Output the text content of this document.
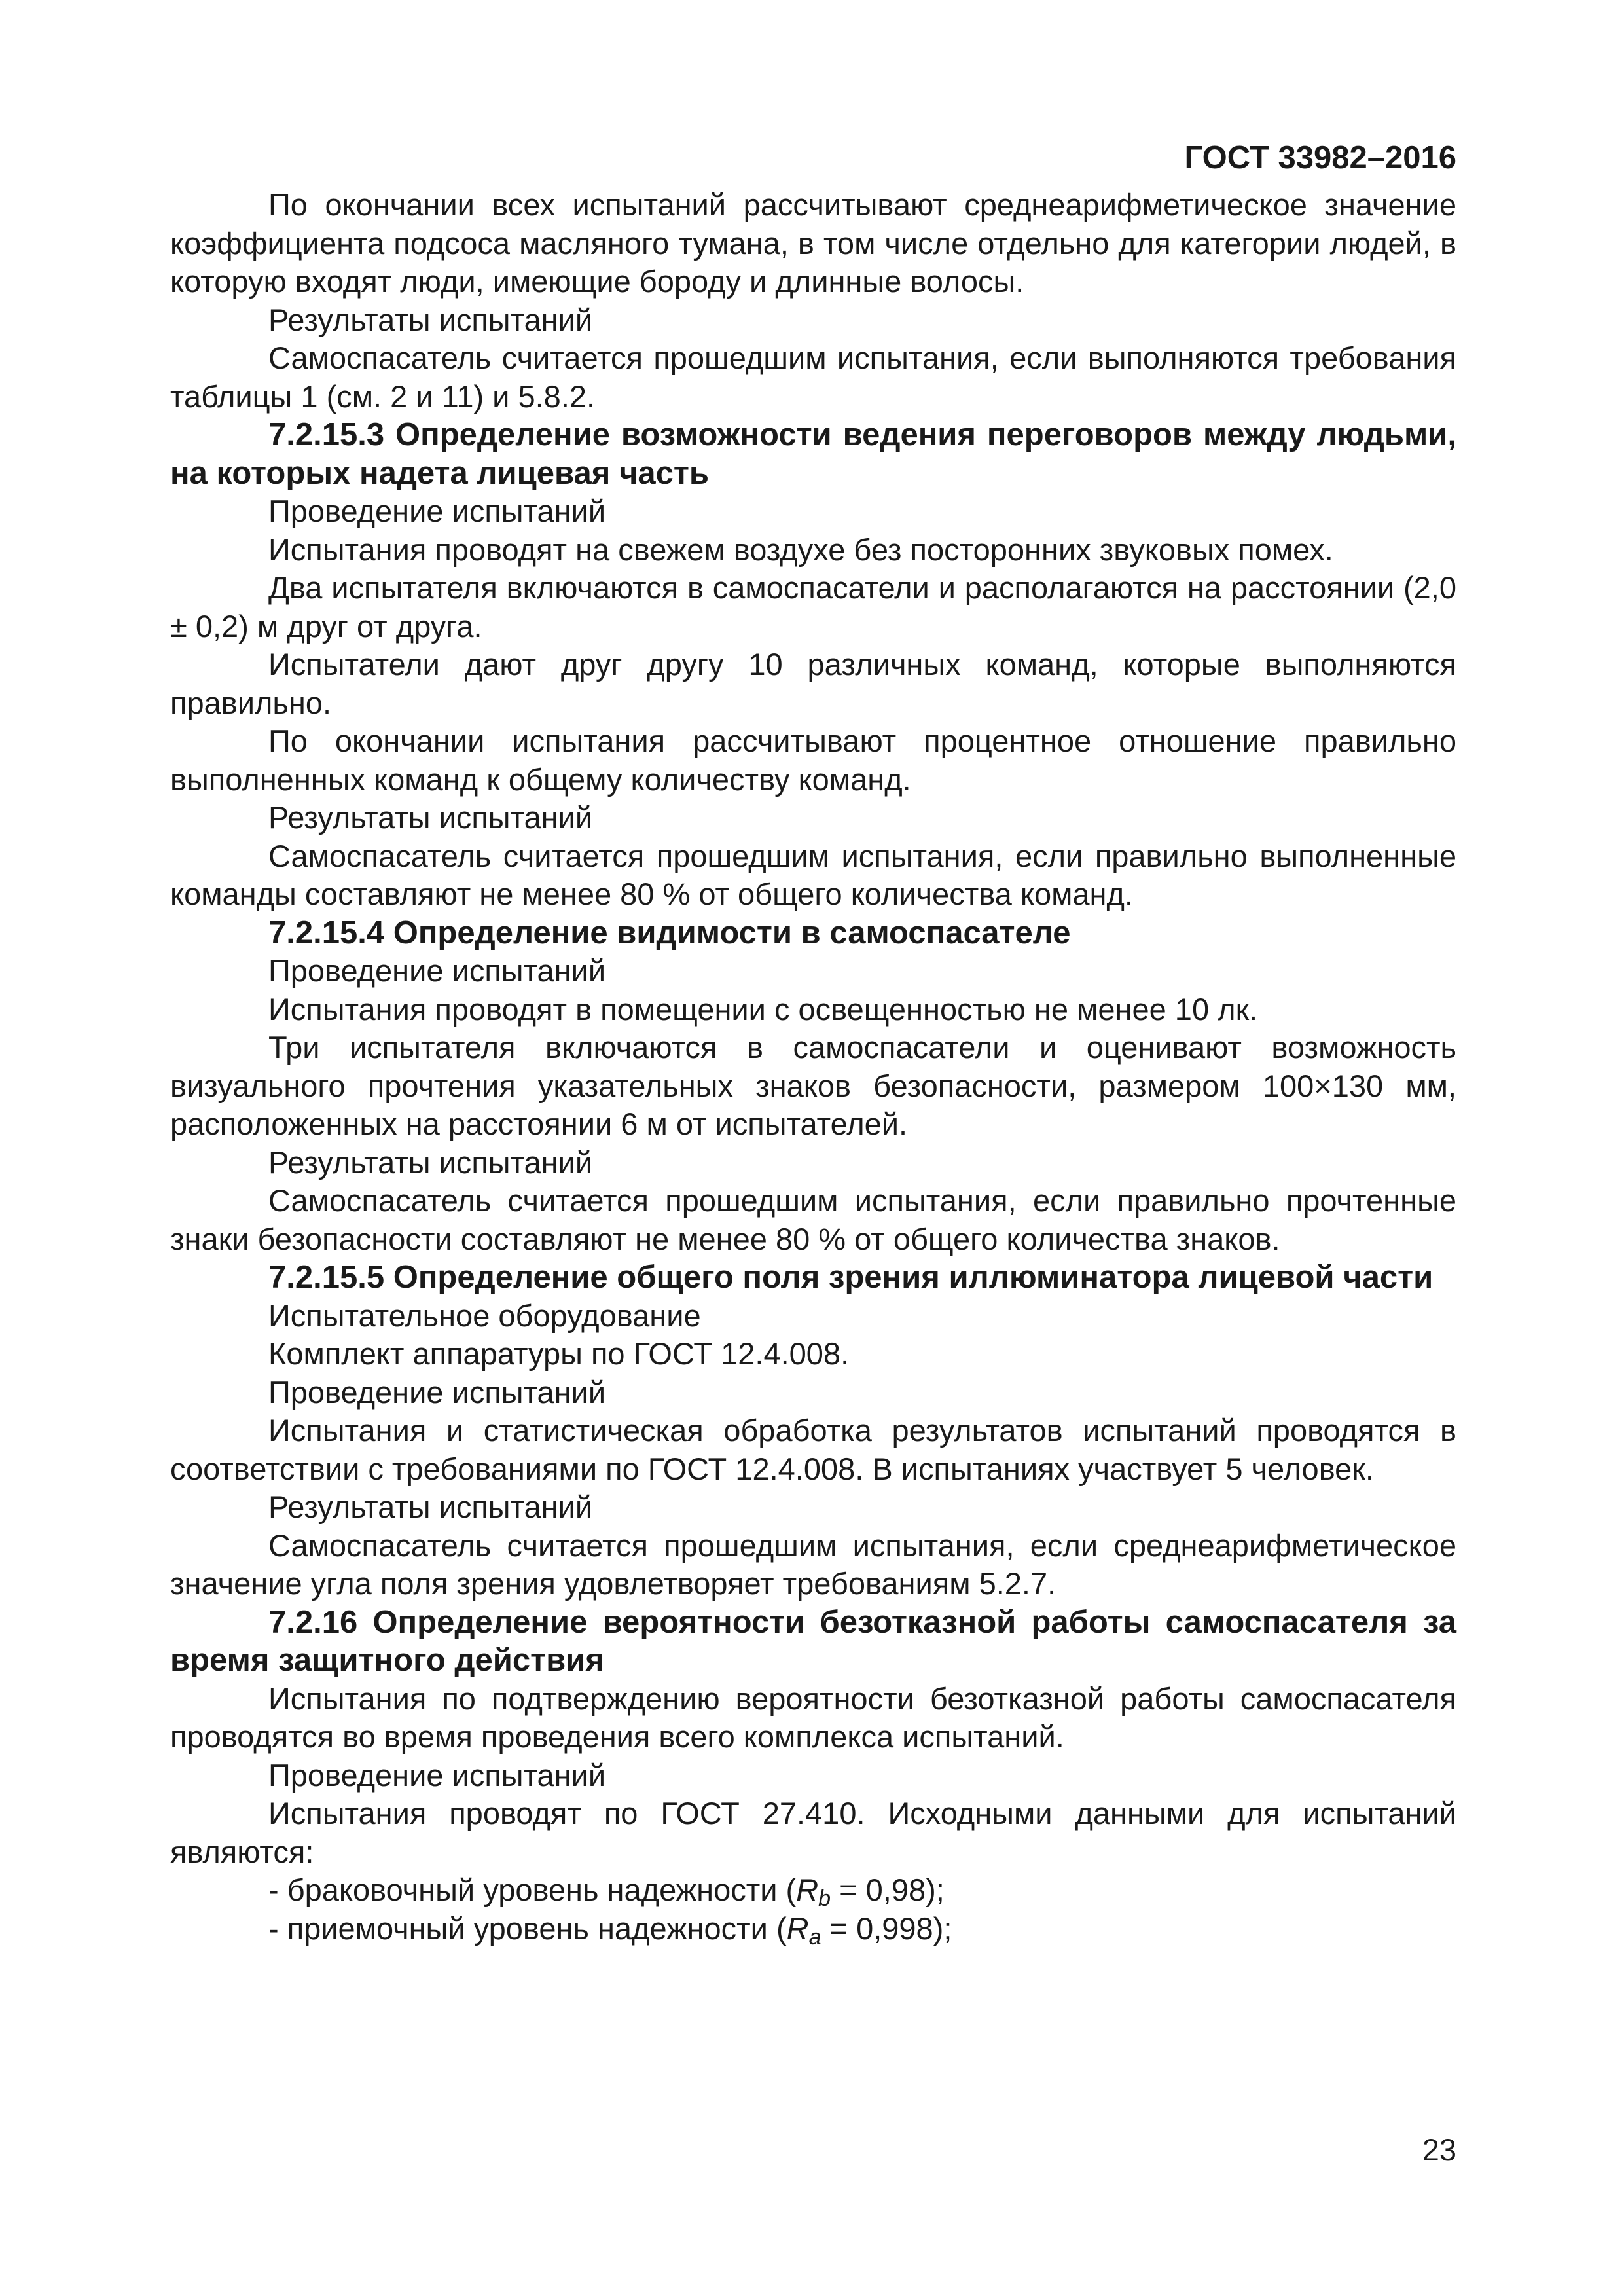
ГОСТ 33982–2016

По окончании всех испытаний рассчитывают среднеарифметическое значение коэффициента подсоса масляного тумана, в том числе отдельно для категории людей, в которую входят люди, имеющие бороду и длинные волосы.

Результаты испытаний

Самоспасатель считается прошедшим испытания, если выполняются требования таблицы 1 (см. 2 и 11) и 5.8.2.

7.2.15.3 Определение возможности ведения переговоров между людьми, на которых надета лицевая часть

Проведение испытаний

Испытания проводят на свежем воздухе без посторонних звуковых помех.

Два испытателя включаются в самоспасатели и располагаются на расстоянии (2,0 ± 0,2) м друг от друга.

Испытатели дают друг другу 10 различных команд, которые выполняются правильно.

По окончании испытания рассчитывают процентное отношение правильно выполненных команд к общему количеству команд.

Результаты испытаний

Самоспасатель считается прошедшим испытания, если правильно выполненные команды составляют не менее 80 % от общего количества команд.

7.2.15.4 Определение видимости в самоспасателе

Проведение испытаний

Испытания проводят в помещении с освещенностью не менее 10 лк.

Три испытателя включаются в самоспасатели и оценивают возможность визуального прочтения указательных знаков безопасности, размером 100×130 мм, расположенных на расстоянии 6 м от испытателей.

Результаты испытаний

Самоспасатель считается прошедшим испытания, если правильно прочтенные знаки безопасности составляют не менее 80 % от общего количества знаков.

7.2.15.5 Определение общего поля зрения иллюминатора лицевой части

Испытательное оборудование

Комплект аппаратуры по ГОСТ 12.4.008.

Проведение испытаний

Испытания и статистическая обработка результатов испытаний проводятся в соответствии с требованиями по ГОСТ 12.4.008. В испытаниях участвует 5 человек.

Результаты испытаний

Самоспасатель считается прошедшим испытания, если среднеарифметическое значение угла поля зрения удовлетворяет требованиям 5.2.7.

7.2.16 Определение вероятности безотказной работы самоспасателя за время защитного действия

Испытания по подтверждению вероятности безотказной работы самоспасателя проводятся во время проведения всего комплекса испытаний.

Проведение испытаний

Испытания проводят по ГОСТ 27.410. Исходными данными для испытаний являются:

- браковочный уровень надежности $(R_b = 0,98)$;

- приемочный уровень надежности $(R_a = 0,998)$;

23
